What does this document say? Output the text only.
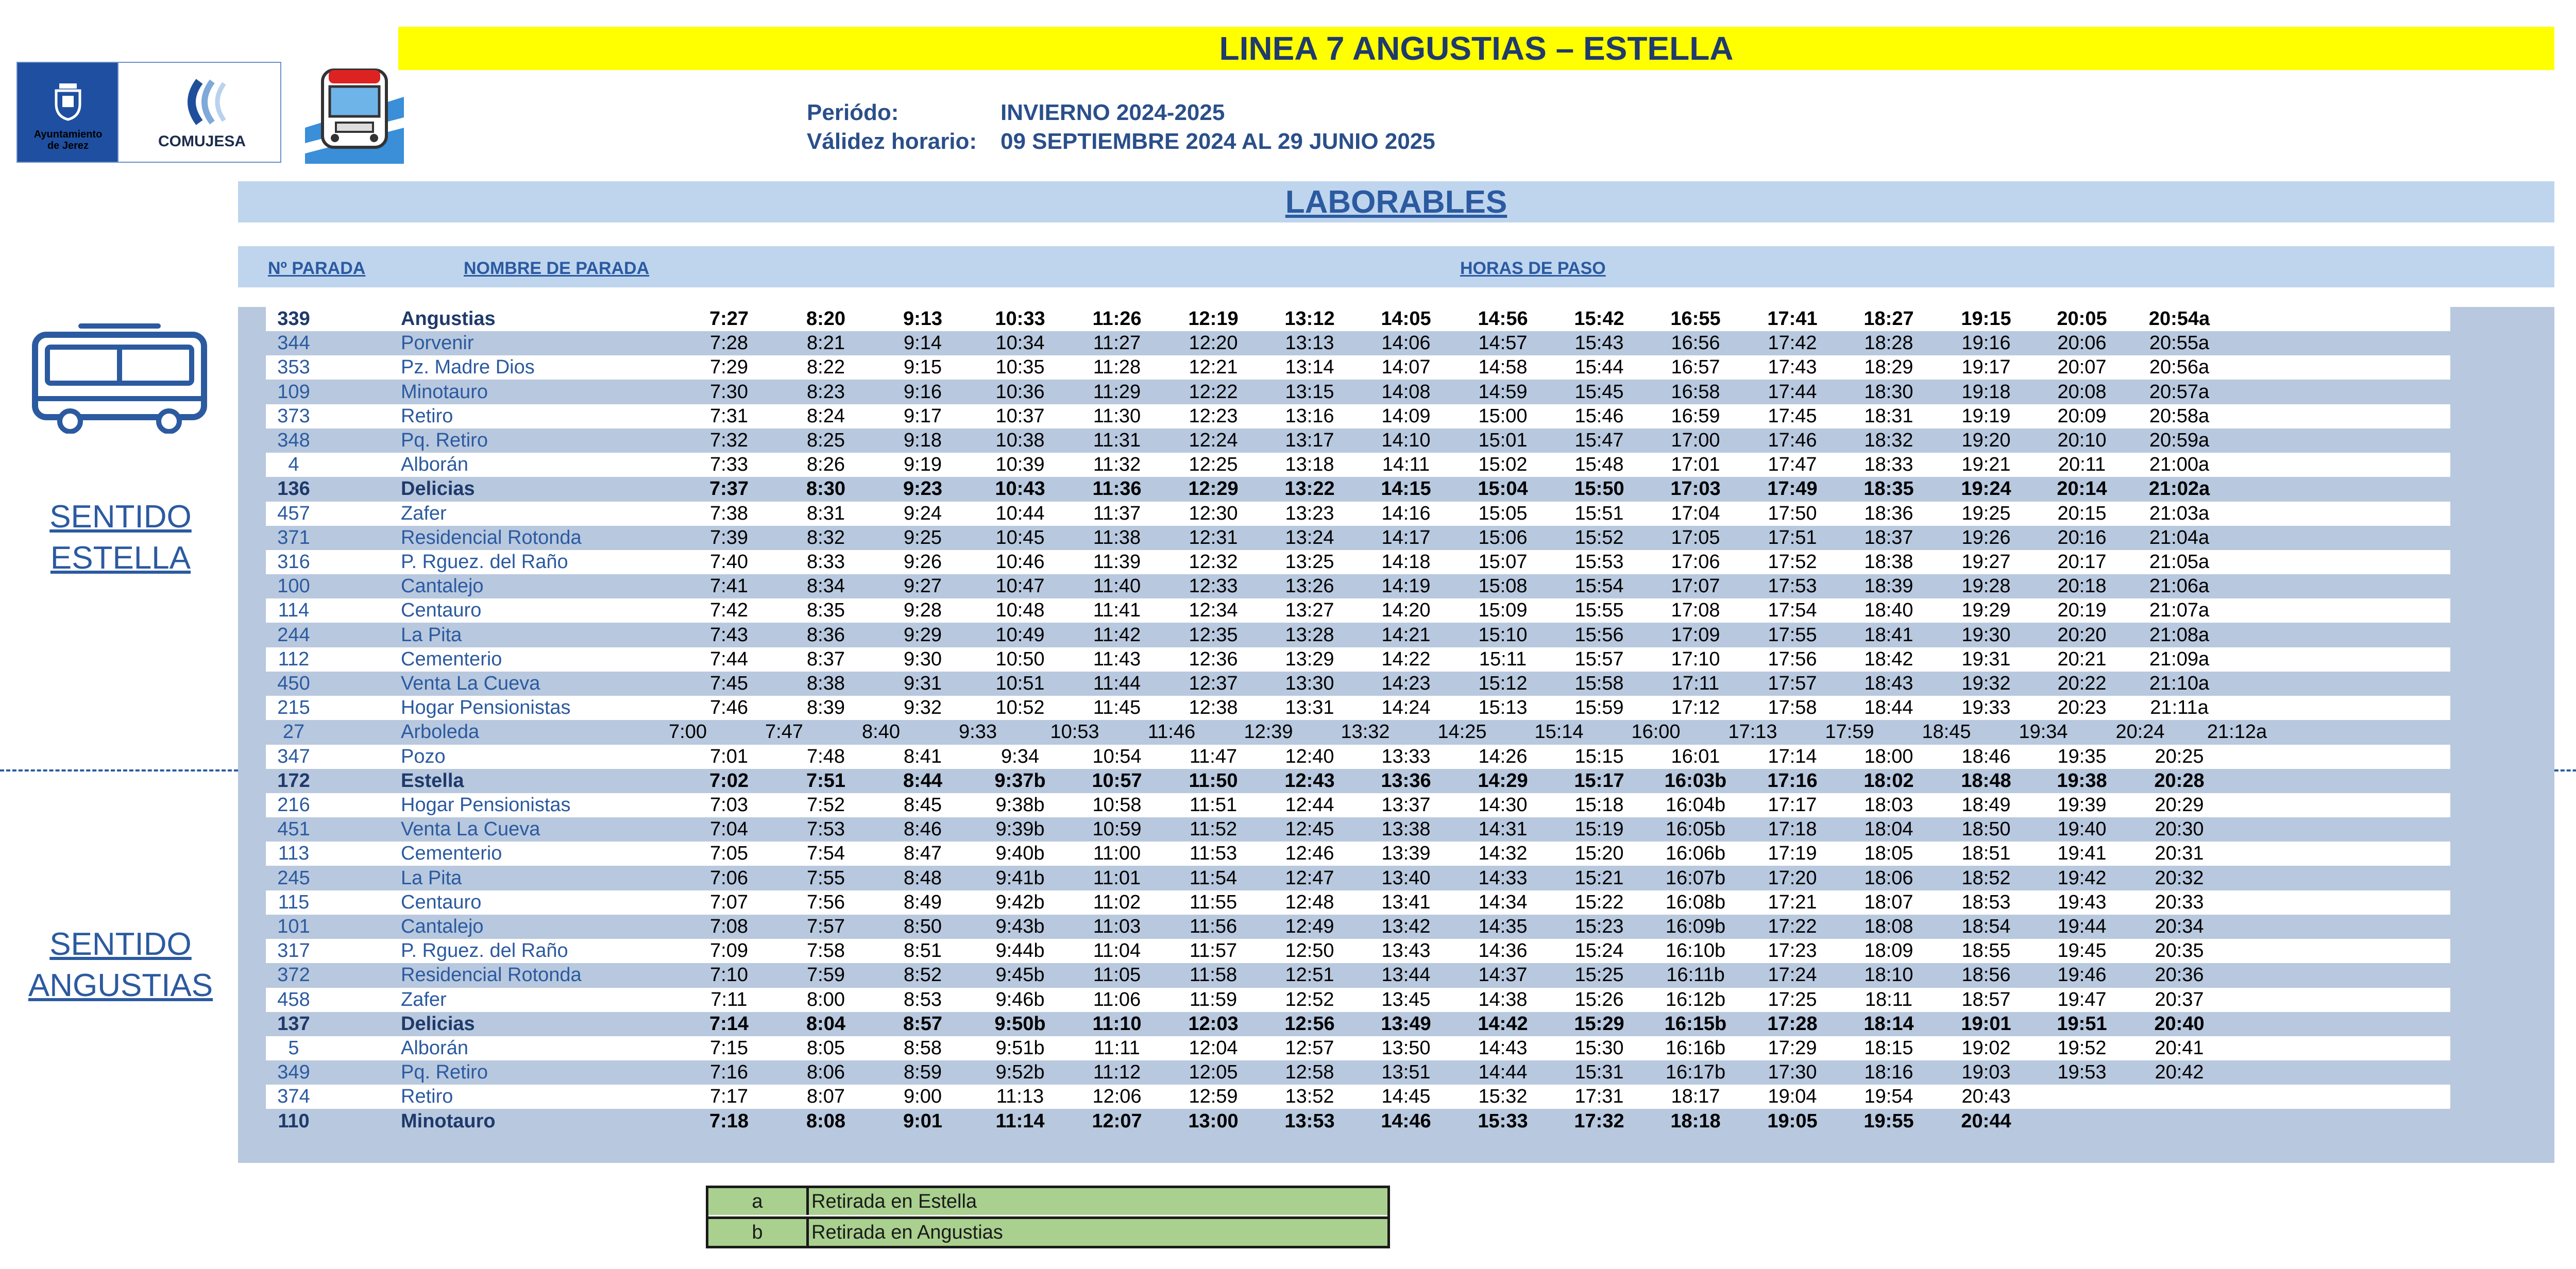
LINEA 7 ANGUSTIAS – ESTELLA
Ayuntamiento
de Jerez	COMUJESA
Periódo:	INVIERNO 2024-2025
Válidez horario: 09 SEPTIEMBRE 2024 AL 29 JUNIO 2025
LABORABLES
Nº PARADA	NOMBRE DE PARADA	HORAS DE PASO
339	Angustias	7:27	8:20	9:13	10:33	11:26	12:19	13:12	14:05	14:56	15:42	16:55	17:41	18:27	19:15	20:05	20:54a
344	Porvenir	7:28	8:21	9:14	10:34	11:27	12:20	13:13	14:06	14:57	15:43	16:56	17:42	18:28	19:16	20:06	20:55a
353	Pz. Madre Dios	7:29	8:22	9:15	10:35	11:28	12:21	13:14	14:07	14:58	15:44	16:57	17:43	18:29	19:17	20:07	20:56a
109	Minotauro	7:30	8:23	9:16	10:36	11:29	12:22	13:15	14:08	14:59	15:45	16:58	17:44	18:30	19:18	20:08	20:57a
373	Retiro	7:31	8:24	9:17	10:37	11:30	12:23	13:16	14:09	15:00	15:46	16:59	17:45	18:31	19:19	20:09	20:58a
348	Pq. Retiro	7:32	8:25	9:18	10:38	11:31	12:24	13:17	14:10	15:01	15:47	17:00	17:46	18:32	19:20	20:10	20:59a
4	Alborán	7:33	8:26	9:19	10:39	11:32	12:25	13:18	14:11	15:02	15:48	17:01	17:47	18:33	19:21	20:11	21:00a
136	Delicias	7:37	8:30	9:23	10:43	11:36	12:29	13:22	14:15	15:04	15:50	17:03	17:49	18:35	19:24	20:14	21:02a
457	Zafer	7:38	8:31	9:24	10:44	11:37	12:30	13:23	14:16	15:05	15:51	17:04	17:50	18:36	19:25	20:15	21:03a
371	Residencial Rotonda	7:39	8:32	9:25	10:45	11:38	12:31	13:24	14:17	15:06	15:52	17:05	17:51	18:37	19:26	20:16	21:04a
316	P. Rguez. del Raño	7:40	8:33	9:26	10:46	11:39	12:32	13:25	14:18	15:07	15:53	17:06	17:52	18:38	19:27	20:17	21:05a
100	Cantalejo	7:41	8:34	9:27	10:47	11:40	12:33	13:26	14:19	15:08	15:54	17:07	17:53	18:39	19:28	20:18	21:06a
114	Centauro	7:42	8:35	9:28	10:48	11:41	12:34	13:27	14:20	15:09	15:55	17:08	17:54	18:40	19:29	20:19	21:07a
244	La Pita	7:43	8:36	9:29	10:49	11:42	12:35	13:28	14:21	15:10	15:56	17:09	17:55	18:41	19:30	20:20	21:08a
112	Cementerio	7:44	8:37	9:30	10:50	11:43	12:36	13:29	14:22	15:11	15:57	17:10	17:56	18:42	19:31	20:21	21:09a
450	Venta La Cueva	7:45	8:38	9:31	10:51	11:44	12:37	13:30	14:23	15:12	15:58	17:11	17:57	18:43	19:32	20:22	21:10a
215	Hogar Pensionistas	7:46	8:39	9:32	10:52	11:45	12:38	13:31	14:24	15:13	15:59	17:12	17:58	18:44	19:33	20:23	21:11a
27	Arboleda	7:00	7:47	8:40	9:33	10:53	11:46	12:39	13:32	14:25	15:14	16:00	17:13	17:59	18:45	19:34	20:24	21:12a
347	Pozo	7:01	7:48	8:41	9:34	10:54	11:47	12:40	13:33	14:26	15:15	16:01	17:14	18:00	18:46	19:35	20:25
172	Estella	7:02	7:51	8:44	9:37b	10:57	11:50	12:43	13:36	14:29	15:17	16:03b	17:16	18:02	18:48	19:38	20:28
216	Hogar Pensionistas	7:03	7:52	8:45	9:38b	10:58	11:51	12:44	13:37	14:30	15:18	16:04b	17:17	18:03	18:49	19:39	20:29
451	Venta La Cueva	7:04	7:53	8:46	9:39b	10:59	11:52	12:45	13:38	14:31	15:19	16:05b	17:18	18:04	18:50	19:40	20:30
113	Cementerio	7:05	7:54	8:47	9:40b	11:00	11:53	12:46	13:39	14:32	15:20	16:06b	17:19	18:05	18:51	19:41	20:31
245	La Pita	7:06	7:55	8:48	9:41b	11:01	11:54	12:47	13:40	14:33	15:21	16:07b	17:20	18:06	18:52	19:42	20:32
115	Centauro	7:07	7:56	8:49	9:42b	11:02	11:55	12:48	13:41	14:34	15:22	16:08b	17:21	18:07	18:53	19:43	20:33
101	Cantalejo	7:08	7:57	8:50	9:43b	11:03	11:56	12:49	13:42	14:35	15:23	16:09b	17:22	18:08	18:54	19:44	20:34
317	P. Rguez. del Raño	7:09	7:58	8:51	9:44b	11:04	11:57	12:50	13:43	14:36	15:24	16:10b	17:23	18:09	18:55	19:45	20:35
372	Residencial Rotonda	7:10	7:59	8:52	9:45b	11:05	11:58	12:51	13:44	14:37	15:25	16:11b	17:24	18:10	18:56	19:46	20:36
458	Zafer	7:11	8:00	8:53	9:46b	11:06	11:59	12:52	13:45	14:38	15:26	16:12b	17:25	18:11	18:57	19:47	20:37
137	Delicias	7:14	8:04	8:57	9:50b	11:10	12:03	12:56	13:49	14:42	15:29	16:15b	17:28	18:14	19:01	19:51	20:40
5	Alborán	7:15	8:05	8:58	9:51b	11:11	12:04	12:57	13:50	14:43	15:30	16:16b	17:29	18:15	19:02	19:52	20:41
349	Pq. Retiro	7:16	8:06	8:59	9:52b	11:12	12:05	12:58	13:51	14:44	15:31	16:17b	17:30	18:16	19:03	19:53	20:42
374	Retiro	7:17	8:07	9:00	11:13	12:06	12:59	13:52	14:45	15:32	17:31	18:17	19:04	19:54	20:43
110	Minotauro	7:18	8:08	9:01	11:14	12:07	13:00	13:53	14:46	15:33	17:32	18:18	19:05	19:55	20:44
SENTIDO
ESTELLA
SENTIDO
ANGUSTIAS
a	Retirada en Estella
b	Retirada en Angustias
